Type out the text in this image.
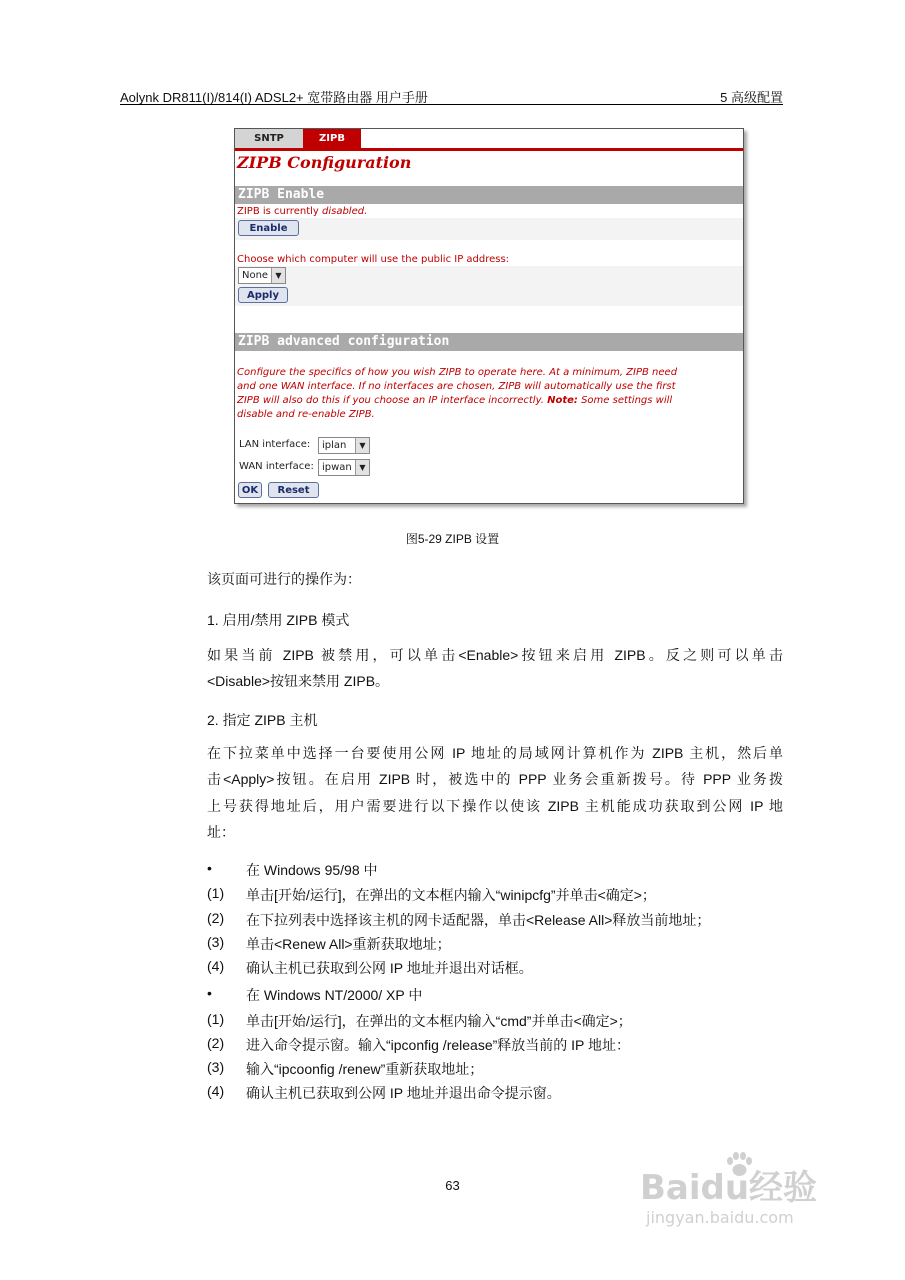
Aolynk DR811(I)/814(I) ADSL2+ 宽带路由器 用户手册	5 高级配置
SNTP	ZIPB
ZIPB Configuration
ZIPB Enable
ZIPB is currently disabled.
Enable
Choose which computer will use the public IP address:
None ▼
Apply
ZIPB advanced configuration
Configure the specifics of how you wish ZIPB to operate here. At a minimum, ZIPB need
and one WAN interface. If no interfaces are chosen, ZIPB will automatically use the first
ZIPB will also do this if you choose an IP interface incorrectly. Note: Some settings will
disable and re-enable ZIPB.
LAN interface:	iplan	▼
WAN interface: ipwan ▼
OK	Reset
图5-29 ZIPB 设置
该页面可进行的操作为：
1. 启用/禁用 ZIPB 模式
如果当前 ZIPB 被禁用，可以单击<Enable>按钮来启用 ZIPB。反之则可以单击
<Disable>按钮来禁用 ZIPB。
2. 指定 ZIPB 主机
在下拉菜单中选择一台要使用公网 IP 地址的局域网计算机作为 ZIPB 主机，然后单
击<Apply>按钮。在启用 ZIPB 时，被选中的 PPP 业务会重新拨号。待 PPP 业务拨
上号获得地址后，用户需要进行以下操作以使该 ZIPB 主机能成功获取到公网 IP 地
址：
• 在 Windows 95/98 中
(1) 单击[开始/运行]，在弹出的文本框内输入“winipcfg”并单击<确定>；
(2) 在下拉列表中选择该主机的网卡适配器，单击<Release All>释放当前地址；
(3) 单击<Renew All>重新获取地址；
(4) 确认主机已获取到公网 IP 地址并退出对话框。
• 在 Windows NT/2000/ XP 中
(1) 单击[开始/运行]，在弹出的文本框内输入“cmd”并单击<确定>；
(2) 进入命令提示窗。输入“ipconfig /release”释放当前的 IP 地址：
(3) 输入“ipcoonfig /renew”重新获取地址；
(4) 确认主机已获取到公网 IP 地址并退出命令提示窗。
63	Baidu经验
jingyan.baidu.com
